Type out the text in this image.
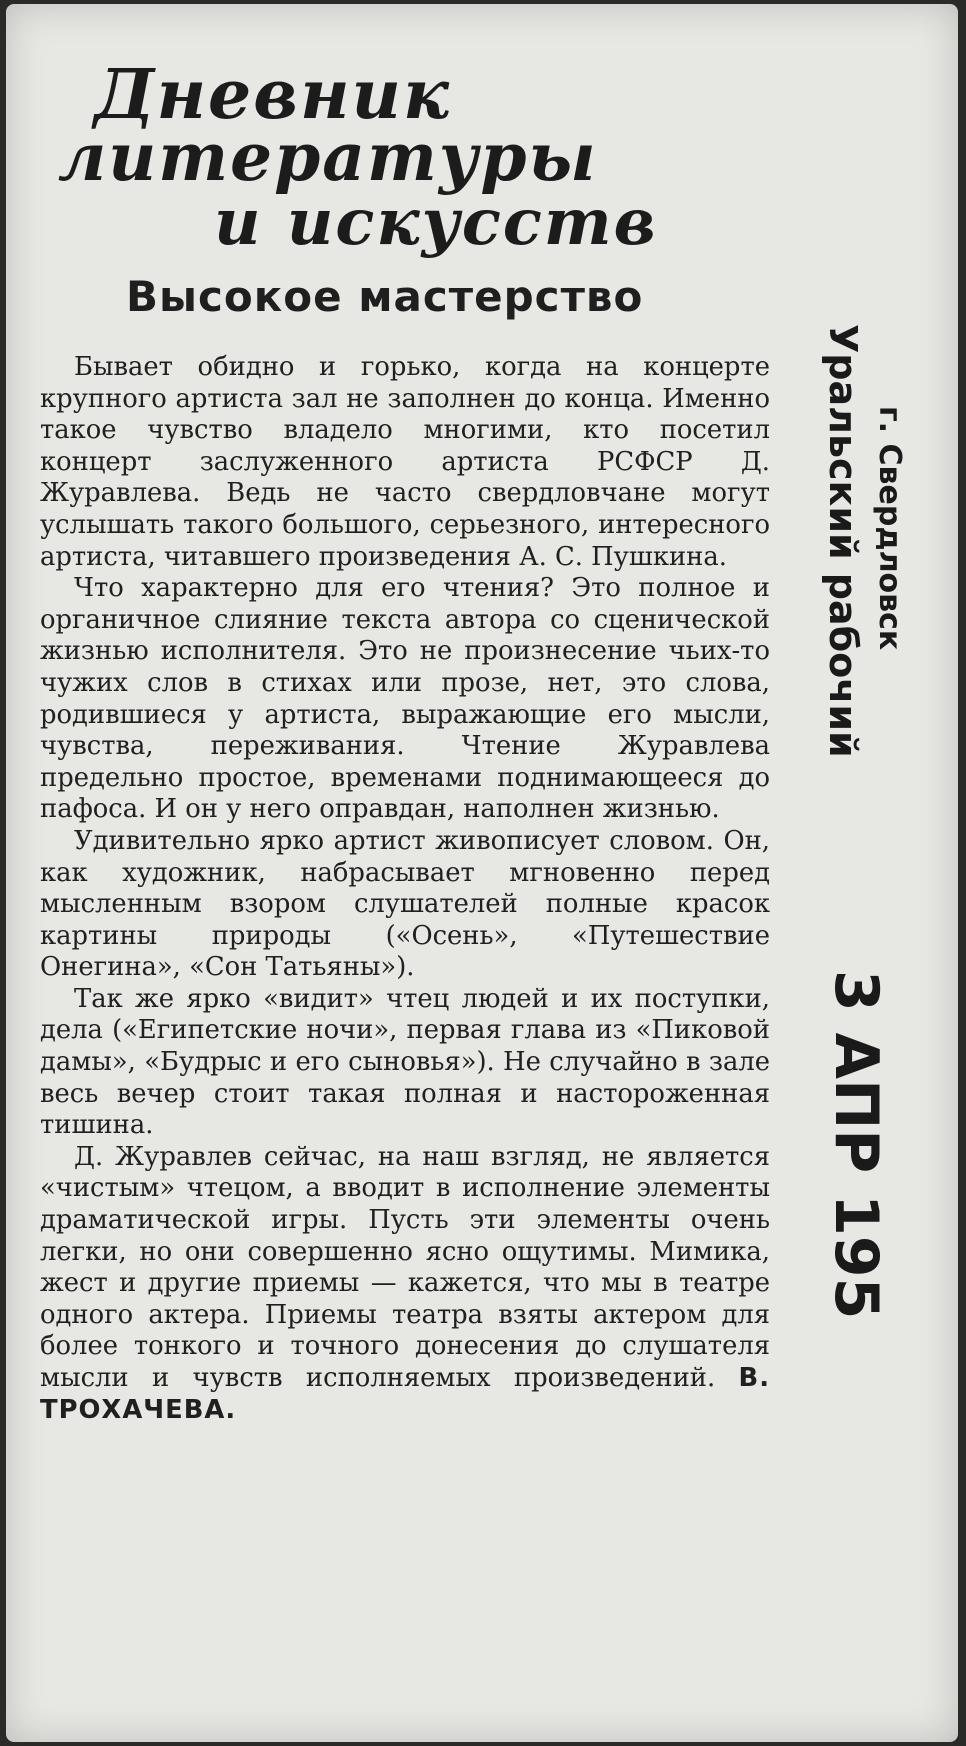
Дневник
литературы
и искусств
Высокое мастерство

Бывает обидно и горько, когда на концерте крупного артиста зал не заполнен до конца. Именно такое чувство владело многими, кто посетил концерт заслуженного артиста РСФСР Д. Журавлева. Ведь не часто свердловчане могут услышать такого большого, серьезного, интересного артиста, читавшего произведения А. С. Пушкина.

Что характерно для его чтения? Это полное и органичное слияние текста автора со сценической жизнью исполнителя. Это не произнесение чьих-то чужих слов в стихах или прозе, нет, это слова, родившиеся у артиста, выражающие его мысли, чувства, переживания. Чтение Журавлева предельно простое, временами поднимающееся до пафоса. И он у него оправдан, наполнен жизнью.

Удивительно ярко артист живописует словом. Он, как художник, набрасывает мгновенно перед мысленным взором слушателей полные красок картины природы («Осень», «Путешествие Онегина», «Сон Татьяны»).

Так же ярко «видит» чтец людей и их поступки, дела («Египетские ночи», первая глава из «Пиковой дамы», «Будрыс и его сыновья»). Не случайно в зале весь вечер стоит такая полная и настороженная тишина.

Д. Журавлев сейчас, на наш взгляд, не является «чистым» чтецом, а вводит в исполнение элементы драматической игры. Пусть эти элементы очень легки, но они совершенно ясно ощутимы. Мимика, жест и другие приемы — кажется, что мы в театре одного актера. Приемы театра взяты актером для более тонкого и точного донесения до слушателя мысли и чувств исполняемых произведений. В. ТРОХАЧЕВА.

Уральский рабочий г. Свердловск
3 АПР 195
